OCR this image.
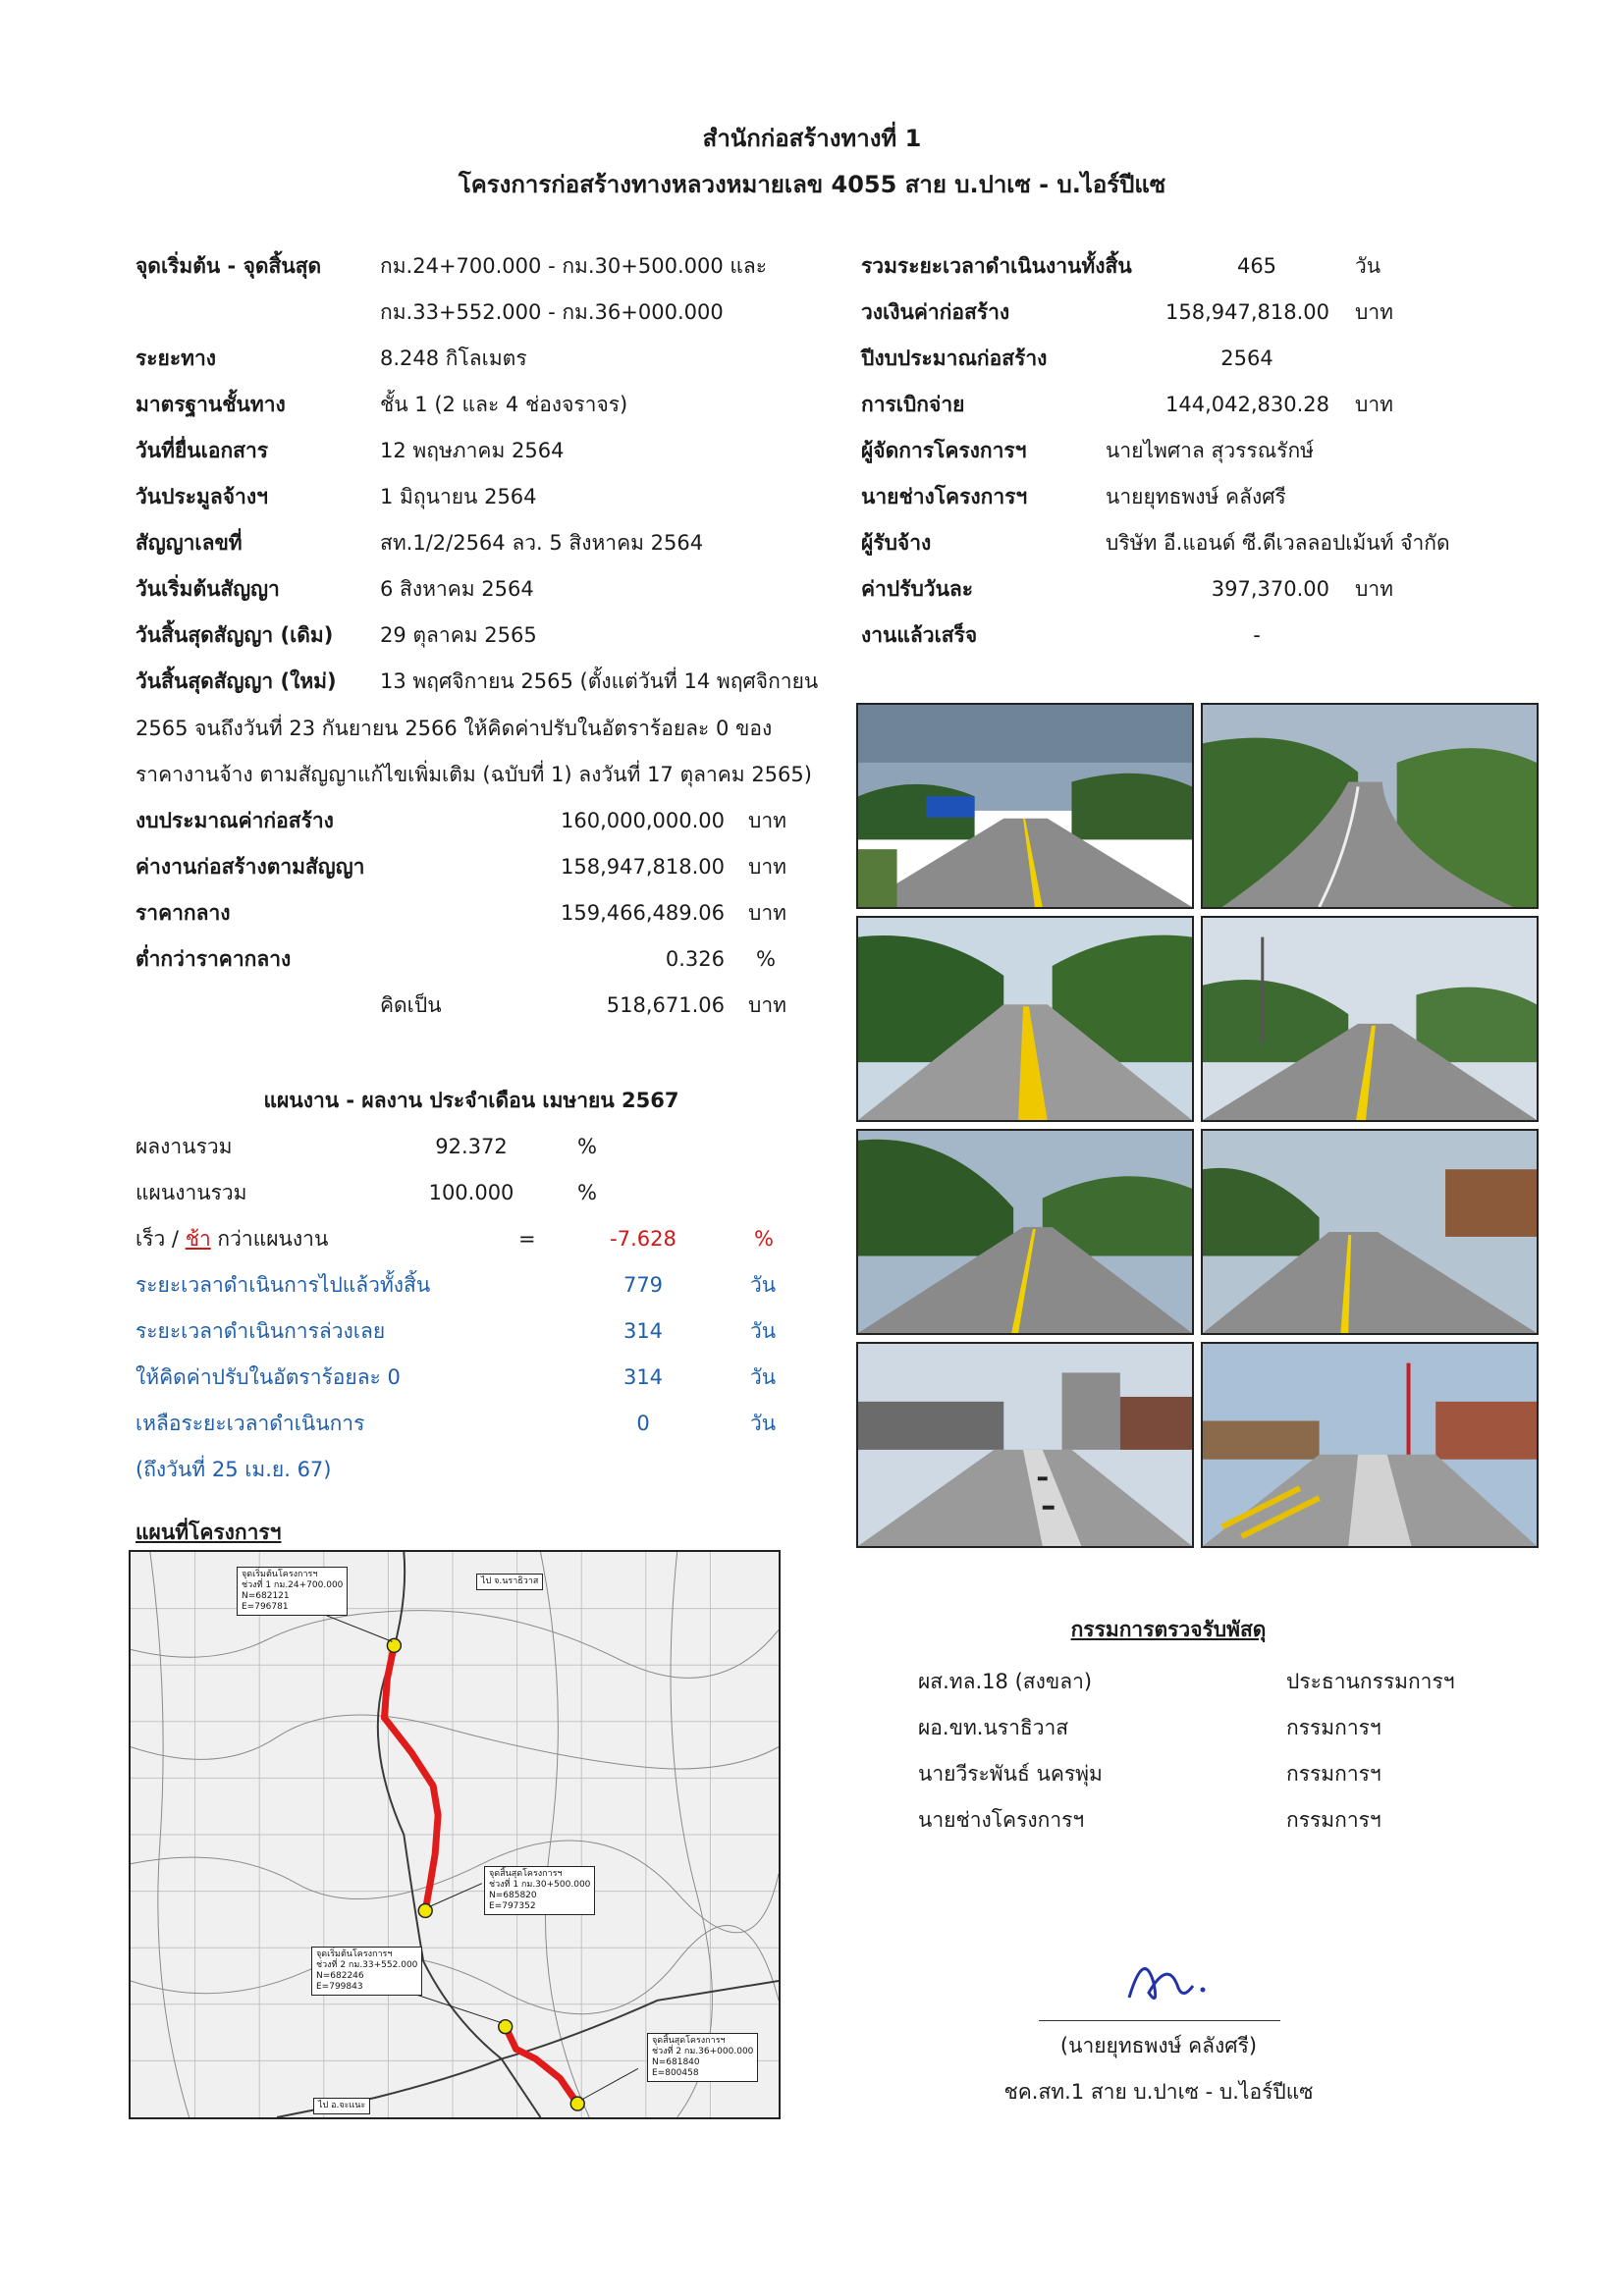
สำนักก่อสร้างทางที่ 1
โครงการก่อสร้างทางหลวงหมายเลข 4055 สาย บ.ปาเซ - บ.ไอร์ปีแซ
จุดเริ่มต้น - จุดสิ้นสุด	กม.24+700.000 - กม.30+500.000 และ
กม.33+552.000 - กม.36+000.000
ระยะทาง	8.248 กิโลเมตร
มาตรฐานชั้นทาง	ชั้น 1 (2 และ 4 ช่องจราจร)
วันที่ยื่นเอกสาร	12 พฤษภาคม 2564
วันประมูลจ้างฯ	1 มิถุนายน 2564
สัญญาเลขที่	สท.1/2/2564 ลว. 5 สิงหาคม 2564
วันเริ่มต้นสัญญา	6 สิงหาคม 2564
วันสิ้นสุดสัญญา (เดิม) 29 ตุลาคม 2565
วันสิ้นสุดสัญญา (ใหม่) 13 พฤศจิกายน 2565 (ตั้งแต่วันที่ 14 พฤศจิกายน
2565 จนถึงวันที่ 23 กันยายน 2566 ให้คิดค่าปรับในอัตราร้อยละ 0 ของ
ราคางานจ้าง ตามสัญญาแก้ไขเพิ่มเติม (ฉบับที่ 1) ลงวันที่ 17 ตุลาคม 2565)
รวมระยะเวลาดำเนินงานทั้งสิ้น	465	วัน
วงเงินค่าก่อสร้าง	158,947,818.00 บาท
ปีงบประมาณก่อสร้าง	2564
การเบิกจ่าย	144,042,830.28 บาท
ผู้จัดการโครงการฯ	นายไพศาล สุวรรณรักษ์
นายช่างโครงการฯ	นายยุทธพงษ์ คลังศรี
ผู้รับจ้าง	บริษัท อี.แอนด์ ซี.ดีเวลลอปเม้นท์ จำกัด
ค่าปรับวันละ	397,370.00 บาท
งานแล้วเสร็จ	-
งบประมาณค่าก่อสร้าง	160,000,000.00 บาท
ค่างานก่อสร้างตามสัญญา	158,947,818.00 บาท
ราคากลาง	159,466,489.06 บาท
ต่ำกว่าราคากลาง	0.326 %
คิดเป็น	518,671.06 บาท
แผนงาน - ผลงาน ประจำเดือน เมษายน 2567
ผลงานรวม	92.372	%
แผนงานรวม	100.000	%
เร็ว / ช้า กว่าแผนงาน	=	-7.628	%
ระยะเวลาดำเนินการไปแล้วทั้งสิ้น	779	วัน
ระยะเวลาดำเนินการล่วงเลย	314	วัน
ให้คิดค่าปรับในอัตราร้อยละ 0	314	วัน
เหลือระยะเวลาดำเนินการ	0	วัน
(ถึงวันที่ 25 เม.ย. 67)
แผนที่โครงการฯ
จุดเริ่มต้นโครงการฯ
ช่วงที่ 1 กม.24+700.000
N=682121
E=796781
ไป จ.นราธิวาส
จุดสิ้นสุดโครงการฯ
ช่วงที่ 1 กม.30+500.000
N=685820
E=797352
จุดเริ่มต้นโครงการฯ
ช่วงที่ 2 กม.33+552.000
N=682246
E=799843
จุดสิ้นสุดโครงการฯ
ช่วงที่ 2 กม.36+000.000
N=681840
E=800458
ไป อ.จะแนะ
กรรมการตรวจรับพัสดุ
ผส.ทล.18 (สงขลา)	ประธานกรรมการฯ
ผอ.ขท.นราธิวาส	กรรมการฯ
นายวีระพันธ์ นครพุ่ม	กรรมการฯ
นายช่างโครงการฯ	กรรมการฯ
(นายยุทธพงษ์ คลังศรี)
ชค.สท.1 สาย บ.ปาเซ - บ.ไอร์ปีแซ
